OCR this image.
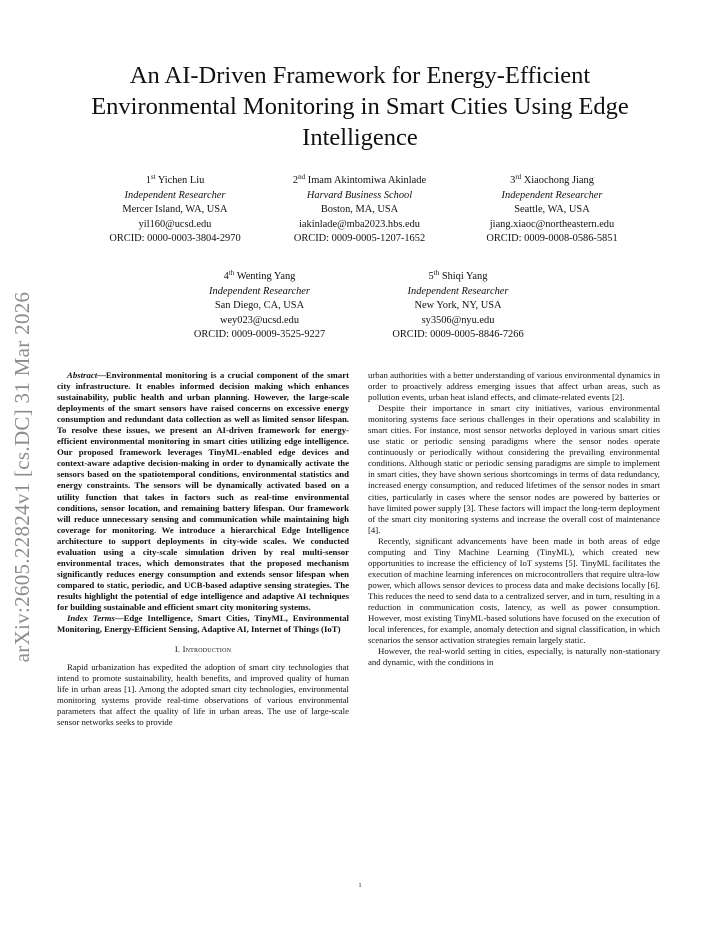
arXiv:2605.22824v1 [cs.DC] 31 Mar 2026
An AI-Driven Framework for Energy-Efficient Environmental Monitoring in Smart Cities Using Edge Intelligence
1st Yichen Liu
Independent Researcher
Mercer Island, WA, USA
yil160@ucsd.edu
ORCID: 0000-0003-3804-2970
2nd Imam Akintomiwa Akinlade
Harvard Business School
Boston, MA, USA
iakinlade@mba2023.hbs.edu
ORCID: 0009-0005-1207-1652
3rd Xiaochong Jiang
Independent Researcher
Seattle, WA, USA
jiang.xiaoc@northeastern.edu
ORCID: 0009-0008-0586-5851
4th Wenting Yang
Independent Researcher
San Diego, CA, USA
wey023@ucsd.edu
ORCID: 0009-0009-3525-9227
5th Shiqi Yang
Independent Researcher
New York, NY, USA
sy3506@nyu.edu
ORCID: 0009-0005-8846-7266

Abstract—Environmental monitoring is a crucial component of the smart city infrastructure. It enables informed decision making which enhances sustainability, public health and urban planning. However, the large-scale deployments of the smart sensors have raised concerns on excessive energy consumption and redundant data collection as well as limited sensor lifespan. To resolve these issues, we present an AI-driven framework for energy-efficient environmental monitoring in smart cities utilizing edge intelligence. Our proposed framework leverages TinyML-enabled edge devices and context-aware adaptive decision-making in order to dynamically activate the sensors based on the spatiotemporal conditions, environmental statistics and energy constraints. The sensors will be dynamically activated based on a utility function that takes in factors such as real-time environmental conditions, sensor location, and remaining battery lifespan. Our framework will reduce unnecessary sensing and communication while maintaining high coverage for monitoring. We introduce a hierarchical Edge Intelligence architecture to support deployments in city-wide scales. We conducted evaluation using a city-scale simulation driven by real multi-sensor environmental traces, which demonstrates that the proposed mechanism significantly reduces energy consumption and extends sensor lifespan when compared to static, periodic, and UCB-based adaptive sensing strategies. The results highlight the potential of edge intelligence and adaptive AI techniques for building sustainable and efficient smart city monitoring systems.

Index Terms—Edge Intelligence, Smart Cities, TinyML, Environmental Monitoring, Energy-Efficient Sensing, Adaptive AI, Internet of Things (IoT)

I. Introduction

Rapid urbanization has expedited the adoption of smart city technologies that intend to promote sustainability, health benefits, and improved quality of human life in urban areas [1]. Among the adopted smart city technologies, environmental monitoring systems provide real-time observations of various environmental parameters that affect the quality of life in urban areas. The use of large-scale sensor networks seeks to provide

urban authorities with a better understanding of various environmental dynamics in order to proactively address emerging issues that affect urban areas, such as pollution events, urban heat island effects, and climate-related events [2].

Despite their importance in smart city initiatives, various environmental monitoring systems face serious challenges in their operations and scalability in smart cities. For instance, most sensor networks deployed in various smart cities use static or periodic sensing paradigms where the sensor nodes operate continuously or periodically without considering the prevailing environmental conditions. Although static or periodic sensing paradigms are simple to implement in smart cities, they have shown serious shortcomings in terms of data redundancy, increased energy consumption, and reduced lifetimes of the sensor nodes in smart cities, particularly in cases where the sensor nodes are powered by batteries or have limited power supply [3]. These factors will impact the long-term deployment of the smart city monitoring systems and increase the overall cost of maintenance [4].

Recently, significant advancements have been made in both areas of edge computing and Tiny Machine Learning (TinyML), which created new opportunities to increase the efficiency of IoT systems [5]. TinyML facilitates the execution of machine learning inferences on microcontrollers that require ultra-low power, which allows sensor devices to process data and make decisions locally [6]. This reduces the need to send data to a centralized server, and in turn, resulting in a reduction in communication costs, latency, as well as power consumption. However, most existing TinyML-based solutions have focused on the execution of local inferences, for example, anomaly detection and signal classification, in which scenarios the sensor activation strategies remain largely static.

However, the real-world setting in cities, especially, is naturally non-stationary and dynamic, with the conditions in

1
